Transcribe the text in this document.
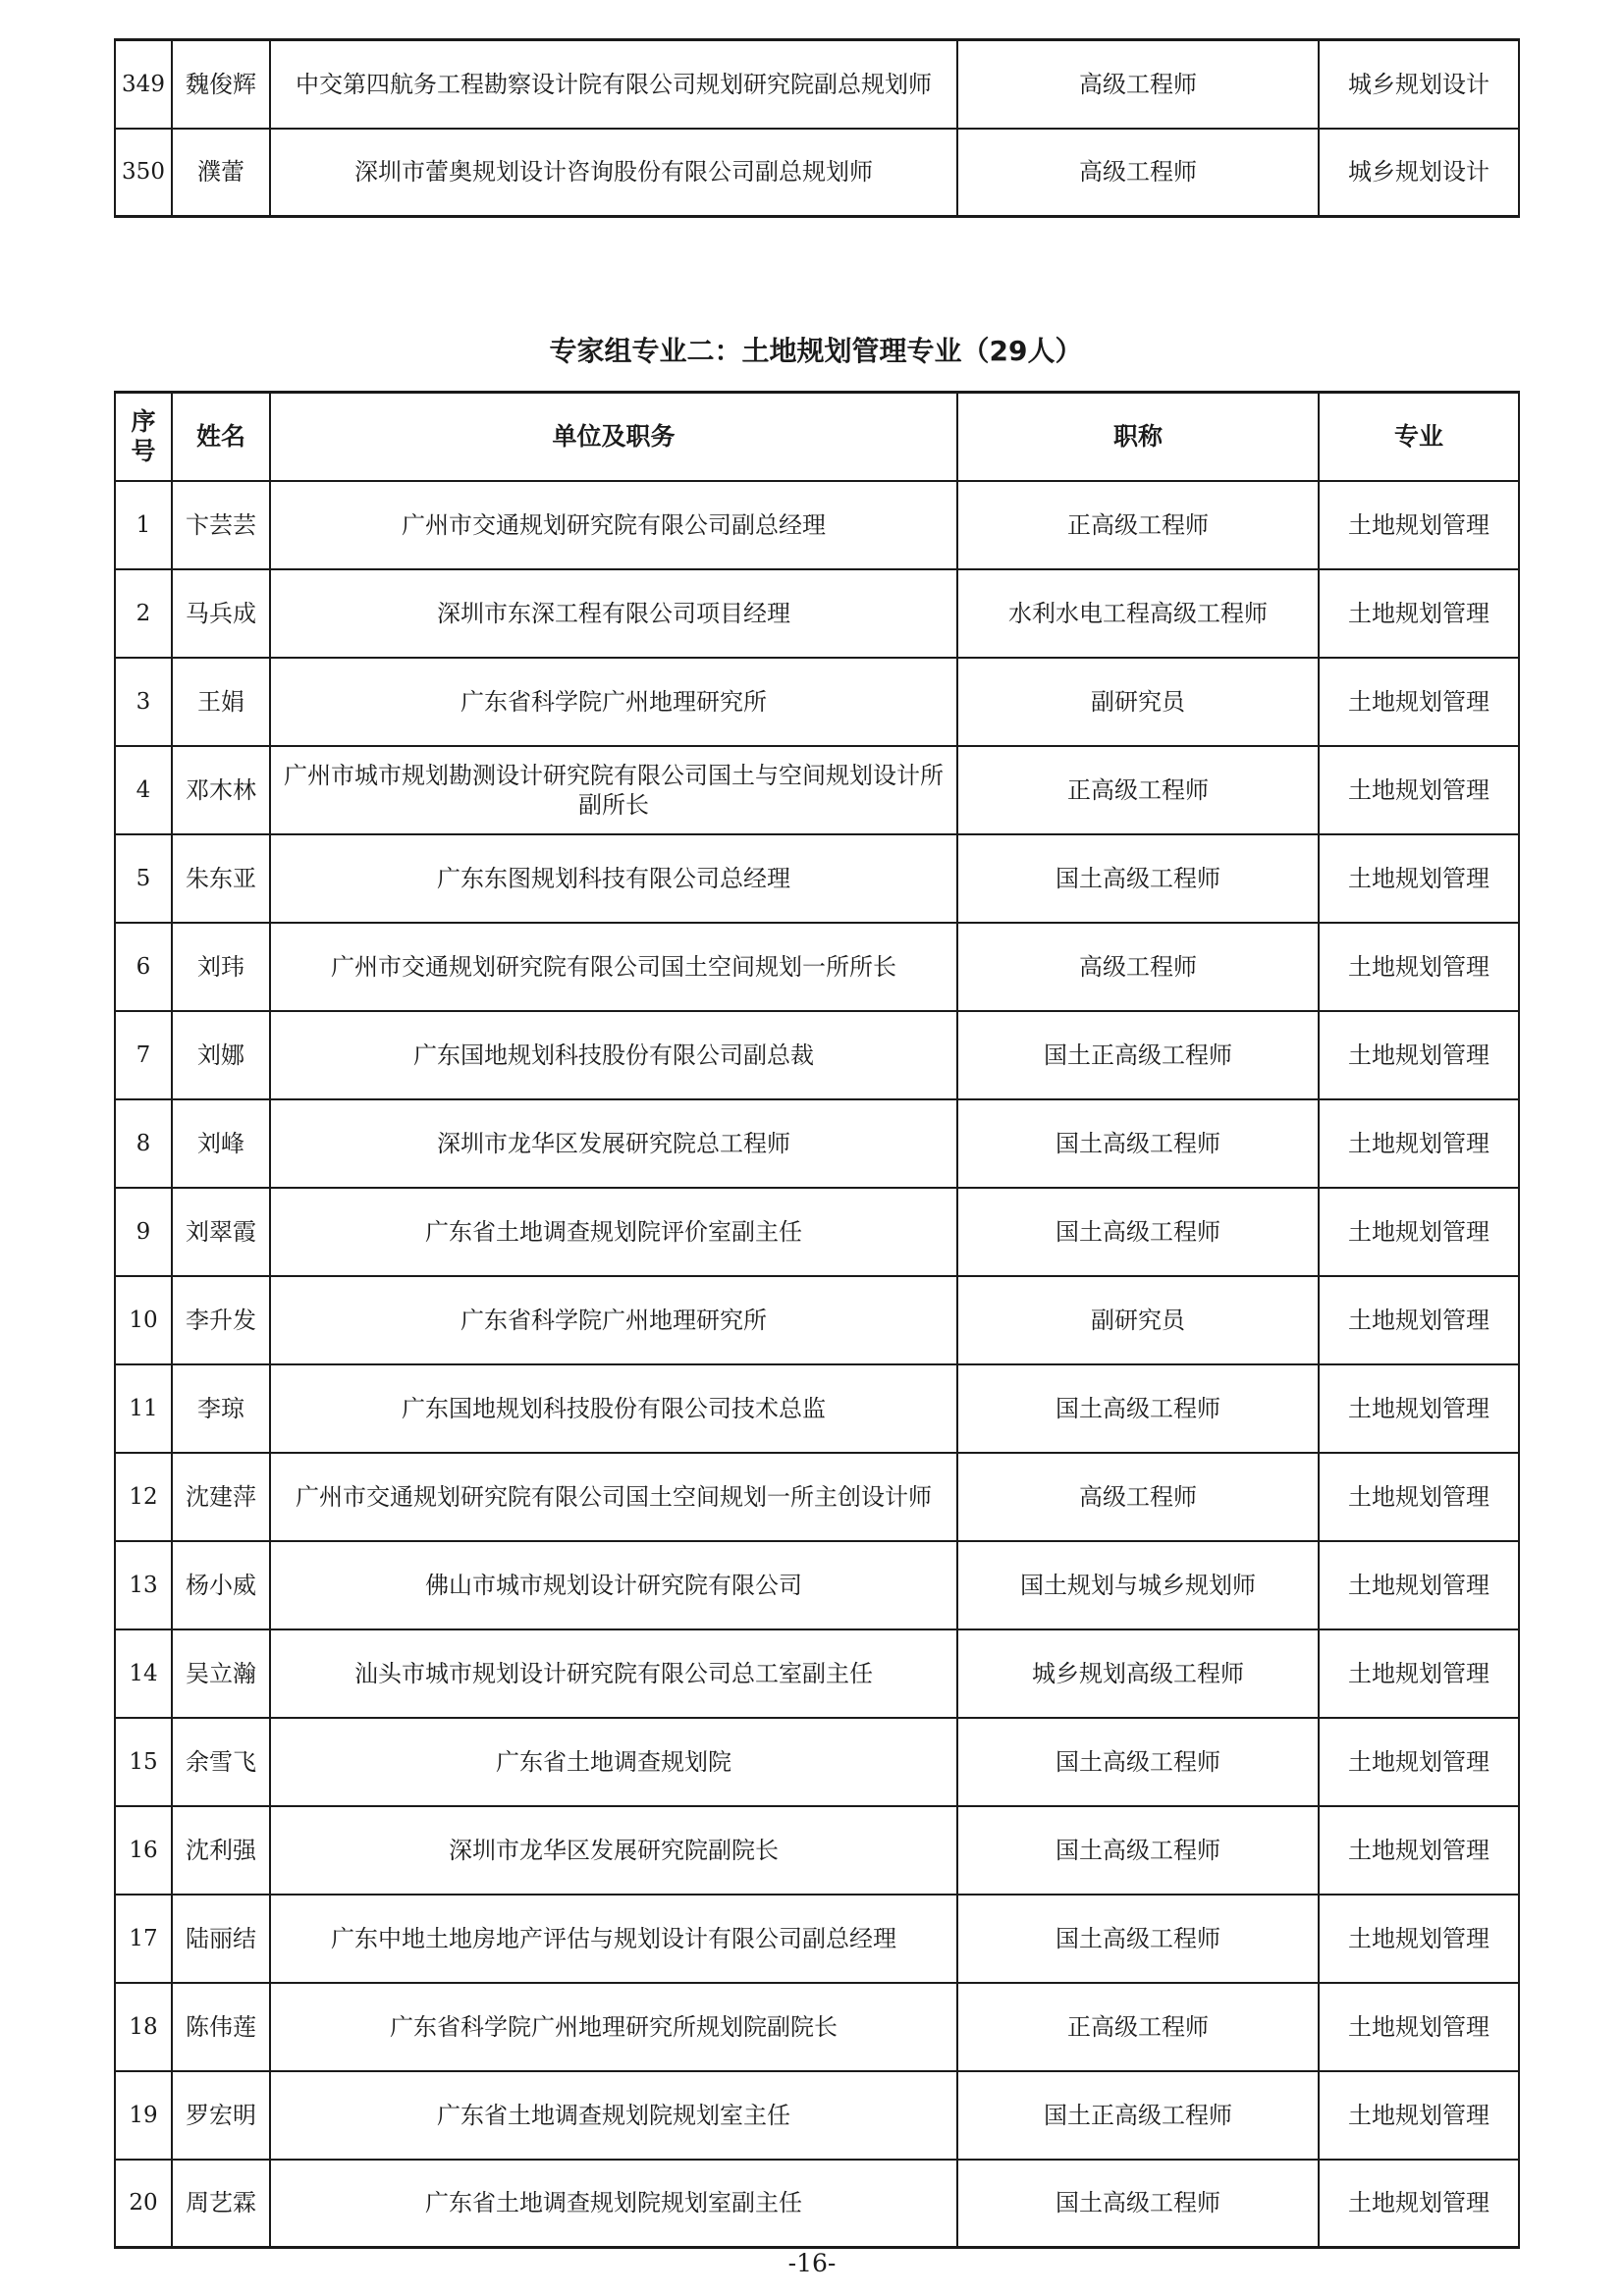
349	魏俊辉	中交第四航务工程勘察设计院有限公司规划研究院副总规划师	高级工程师	城乡规划设计
350	濮蕾	深圳市蕾奥规划设计咨询股份有限公司副总规划师	高级工程师	城乡规划设计
专家组专业二：土地规划管理专业（29人）
序号	姓名	单位及职务	职称	专业
1	卞芸芸	广州市交通规划研究院有限公司副总经理	正高级工程师	土地规划管理
2	马兵成	深圳市东深工程有限公司项目经理	水利水电工程高级工程师	土地规划管理
3	王娟	广东省科学院广州地理研究所	副研究员	土地规划管理
4	邓木林	广州市城市规划勘测设计研究院有限公司国土与空间规划设计所副所长	正高级工程师	土地规划管理
5	朱东亚	广东东图规划科技有限公司总经理	国土高级工程师	土地规划管理
6	刘玮	广州市交通规划研究院有限公司国土空间规划一所所长	高级工程师	土地规划管理
7	刘娜	广东国地规划科技股份有限公司副总裁	国土正高级工程师	土地规划管理
8	刘峰	深圳市龙华区发展研究院总工程师	国土高级工程师	土地规划管理
9	刘翠霞	广东省土地调查规划院评价室副主任	国土高级工程师	土地规划管理
10	李升发	广东省科学院广州地理研究所	副研究员	土地规划管理
11	李琼	广东国地规划科技股份有限公司技术总监	国土高级工程师	土地规划管理
12	沈建萍	广州市交通规划研究院有限公司国土空间规划一所主创设计师	高级工程师	土地规划管理
13	杨小威	佛山市城市规划设计研究院有限公司	国土规划与城乡规划师	土地规划管理
14	吴立瀚	汕头市城市规划设计研究院有限公司总工室副主任	城乡规划高级工程师	土地规划管理
15	余雪飞	广东省土地调查规划院	国土高级工程师	土地规划管理
16	沈利强	深圳市龙华区发展研究院副院长	国土高级工程师	土地规划管理
17	陆丽结	广东中地土地房地产评估与规划设计有限公司副总经理	国土高级工程师	土地规划管理
18	陈伟莲	广东省科学院广州地理研究所规划院副院长	正高级工程师	土地规划管理
19	罗宏明	广东省土地调查规划院规划室主任	国土正高级工程师	土地规划管理
20	周艺霖	广东省土地调查规划院规划室副主任	国土高级工程师	土地规划管理
-16-
